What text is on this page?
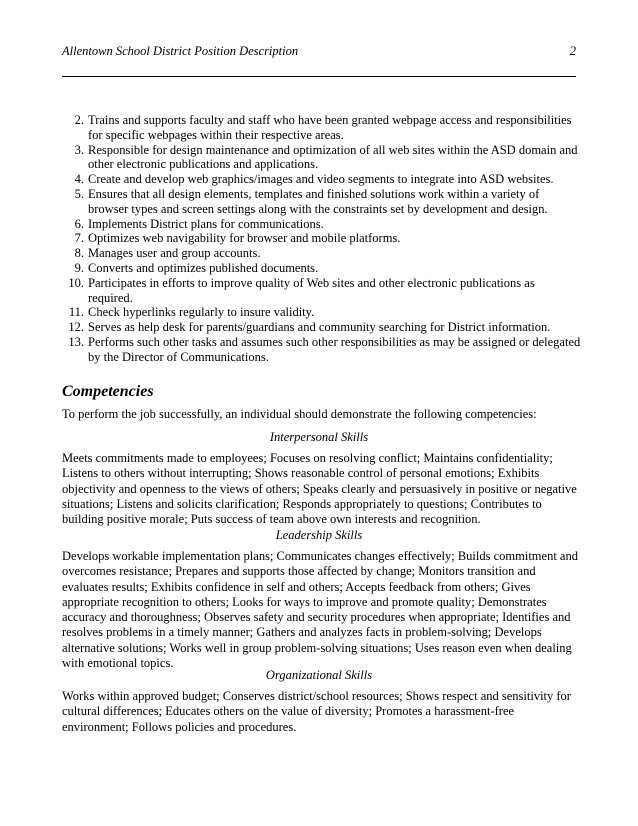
Allentown School District Position Description	2
2. Trains and supports faculty and staff who have been granted webpage access and responsibilities for specific webpages within their respective areas.
3. Responsible for design maintenance and optimization of all web sites within the ASD domain and other electronic publications and applications.
4. Create and develop web graphics/images and video segments to integrate into ASD websites.
5. Ensures that all design elements, templates and finished solutions work within a variety of browser types and screen settings along with the constraints set by development and design.
6. Implements District plans for communications.
7. Optimizes web navigability for browser and mobile platforms.
8. Manages user and group accounts.
9. Converts and optimizes published documents.
10. Participates in efforts to improve quality of Web sites and other electronic publications as required.
11. Check hyperlinks regularly to insure validity.
12. Serves as help desk for parents/guardians and community searching for District information.
13. Performs such other tasks and assumes such other responsibilities as may be assigned or delegated by the Director of Communications.
Competencies

To perform the job successfully, an individual should demonstrate the following competencies:

Interpersonal Skills

Meets commitments made to employees; Focuses on resolving conflict; Maintains confidentiality; Listens to others without interrupting; Shows reasonable control of personal emotions; Exhibits objectivity and openness to the views of others; Speaks clearly and persuasively in positive or negative situations; Listens and solicits clarification; Responds appropriately to questions; Contributes to building positive morale; Puts success of team above own interests and recognition.

Leadership Skills

Develops workable implementation plans; Communicates changes effectively; Builds commitment and overcomes resistance; Prepares and supports those affected by change; Monitors transition and evaluates results; Exhibits confidence in self and others; Accepts feedback from others; Gives appropriate recognition to others; Looks for ways to improve and promote quality; Demonstrates accuracy and thoroughness; Observes safety and security procedures when appropriate; Identifies and resolves problems in a timely manner; Gathers and analyzes facts in problem-solving; Develops alternative solutions; Works well in group problem-solving situations; Uses reason even when dealing with emotional topics.

Organizational Skills

Works within approved budget; Conserves district/school resources; Shows respect and sensitivity for cultural differences; Educates others on the value of diversity; Promotes a harassment-free environment; Follows policies and procedures.
